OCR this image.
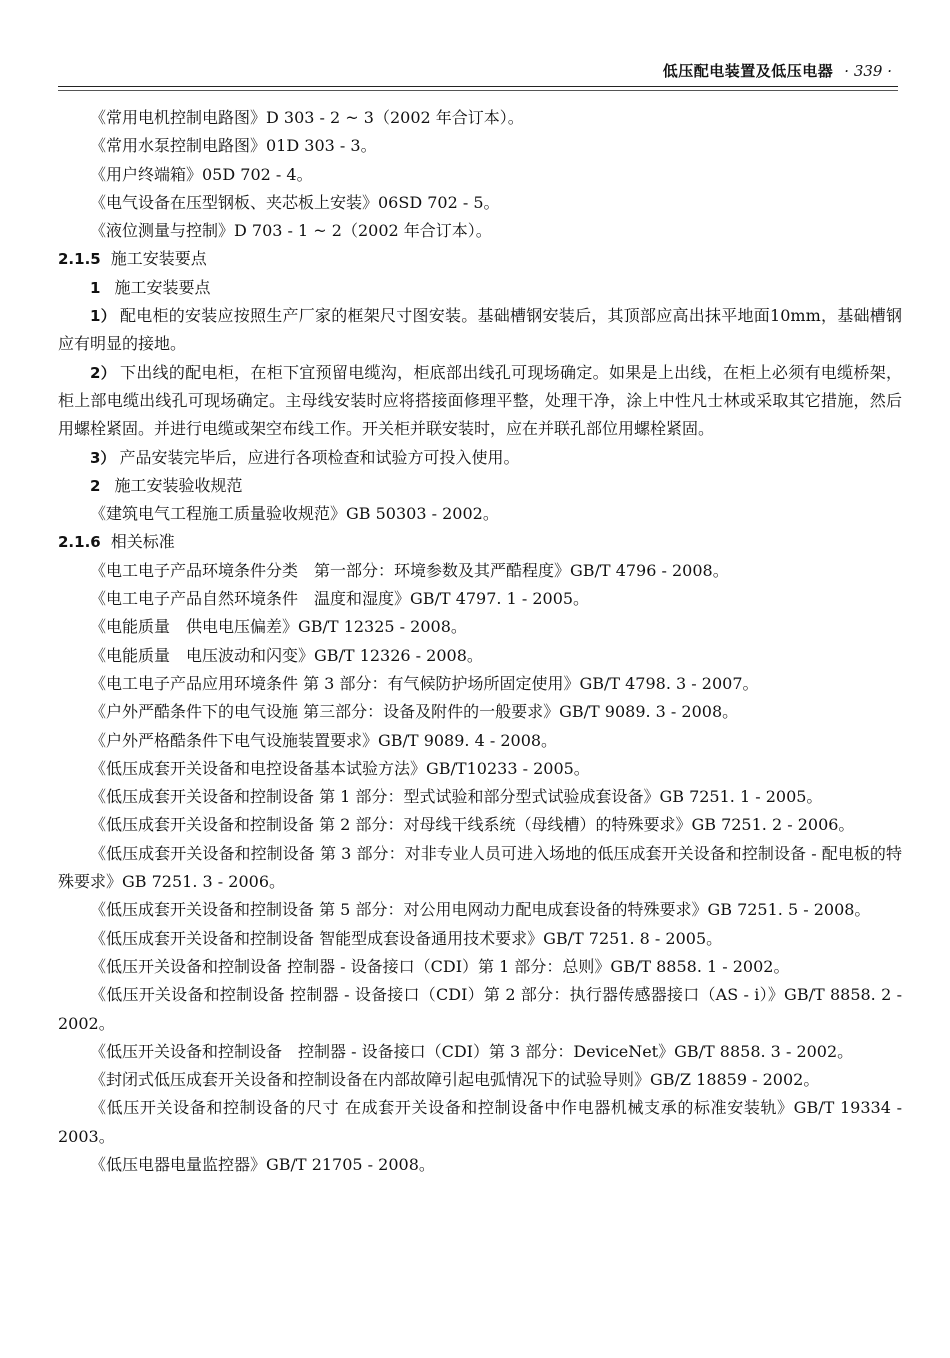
低压配电装置及低压电器 · 339 ·

《常用电机控制电路图》D 303 - 2 ~ 3（2002 年合订本）。

《常用水泵控制电路图》01D 303 - 3。

《用户终端箱》05D 702 - 4。

《电气设备在压型钢板、夹芯板上安装》06SD 702 - 5。

《液位测量与控制》D 703 - 1 ~ 2（2002 年合订本）。

2.1.5 施工安装要点

1 施工安装要点

1） 配电柜的安装应按照生产厂家的框架尺寸图安装。基础槽钢安装后，其顶部应高出抹平地面10mm，基础槽钢应有明显的接地。

2） 下出线的配电柜，在柜下宜预留电缆沟，柜底部出线孔可现场确定。如果是上出线，在柜上必须有电缆桥架，柜上部电缆出线孔可现场确定。主母线安装时应将搭接面修理平整，处理干净，涂上中性凡士林或采取其它措施，然后用螺栓紧固。并进行电缆或架空布线工作。开关柜并联安装时，应在并联孔部位用螺栓紧固。

3） 产品安装完毕后，应进行各项检查和试验方可投入使用。

2 施工安装验收规范

《建筑电气工程施工质量验收规范》GB 50303 - 2002。

2.1.6 相关标准

《电工电子产品环境条件分类　第一部分：环境参数及其严酷程度》GB/T 4796 - 2008。

《电工电子产品自然环境条件　温度和湿度》GB/T 4797. 1 - 2005。

《电能质量　供电电压偏差》GB/T 12325 - 2008。

《电能质量　电压波动和闪变》GB/T 12326 - 2008。

《电工电子产品应用环境条件 第 3 部分：有气候防护场所固定使用》GB/T 4798. 3 - 2007。

《户外严酷条件下的电气设施 第三部分：设备及附件的一般要求》GB/T 9089. 3 - 2008。

《户外严格酷条件下电气设施装置要求》GB/T 9089. 4 - 2008。

《低压成套开关设备和电控设备基本试验方法》GB/T10233 - 2005。

《低压成套开关设备和控制设备 第 1 部分：型式试验和部分型式试验成套设备》GB 7251. 1 - 2005。

《低压成套开关设备和控制设备 第 2 部分：对母线干线系统（母线槽）的特殊要求》GB 7251. 2 - 2006。

《低压成套开关设备和控制设备 第 3 部分：对非专业人员可进入场地的低压成套开关设备和控制设备 - 配电板的特殊要求》GB 7251. 3 - 2006。

《低压成套开关设备和控制设备 第 5 部分：对公用电网动力配电成套设备的特殊要求》GB 7251. 5 - 2008。

《低压成套开关设备和控制设备 智能型成套设备通用技术要求》GB/T 7251. 8 - 2005。

《低压开关设备和控制设备 控制器 - 设备接口（CDI）第 1 部分：总则》GB/T 8858. 1 - 2002。

《低压开关设备和控制设备 控制器 - 设备接口（CDI）第 2 部分：执行器传感器接口（AS - i）》GB/T 8858. 2 - 2002。

《低压开关设备和控制设备　控制器 - 设备接口（CDI）第 3 部分：DeviceNet》GB/T 8858. 3 - 2002。

《封闭式低压成套开关设备和控制设备在内部故障引起电弧情况下的试验导则》GB/Z 18859 - 2002。

《低压开关设备和控制设备的尺寸 在成套开关设备和控制设备中作电器机械支承的标准安装轨》GB/T 19334 - 2003。

《低压电器电量监控器》GB/T 21705 - 2008。
